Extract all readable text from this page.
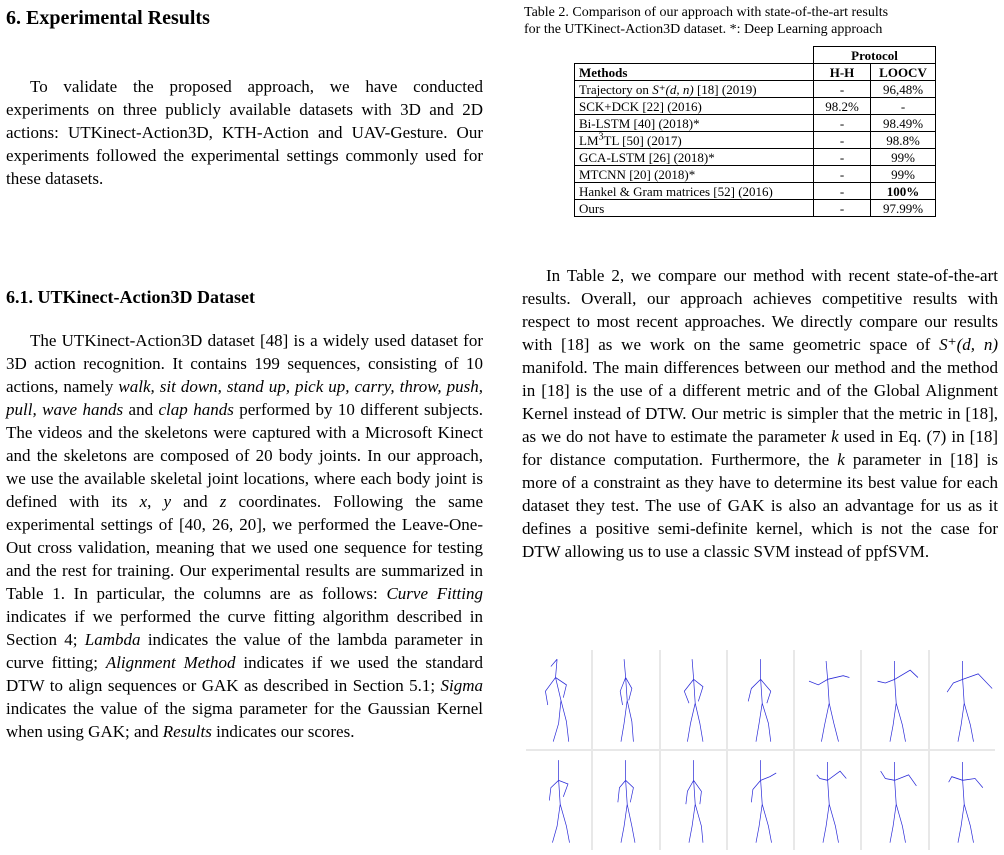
6. Experimental Results

To validate the proposed approach, we have conducted experiments on three publicly available datasets with 3D and 2D actions: UTKinect-Action3D, KTH-Action and UAV-Gesture. Our experiments followed the experimental settings commonly used for these datasets.

6.1. UTKinect-Action3D Dataset

The UTKinect-Action3D dataset [48] is a widely used dataset for 3D action recognition. It contains 199 sequences, consisting of 10 actions, namely walk, sit down, stand up, pick up, carry, throw, push, pull, wave hands and clap hands performed by 10 different subjects. The videos and the skeletons were captured with a Microsoft Kinect and the skeletons are composed of 20 body joints. In our approach, we use the available skeletal joint locations, where each body joint is defined with its x, y and z coordinates. Following the same experimental settings of [40, 26, 20], we performed the Leave-One-Out cross validation, meaning that we used one sequence for testing and the rest for training. Our experimental results are summarized in Table 1. In particular, the columns are as follows: Curve Fitting indicates if we performed the curve fitting algorithm described in Section 4; Lambda indicates the value of the lambda parameter in curve fitting; Alignment Method indicates if we used the standard DTW to align sequences or GAK as described in Section 5.1; Sigma indicates the value of the sigma parameter for the Gaussian Kernel when using GAK; and Results indicates our scores.

Table 2. Comparison of our approach with state-of-the-art results
for the UTKinect-Action3D dataset. *: Deep Learning approach
	Protocol	
Methods	H-H	LOOCV
Trajectory on S⁺(d, n) [18] (2019)	-	96,48%
SCK+DCK [22] (2016)	98.2%	-
Bi-LSTM [40] (2018)*	-	98.49%
$LM^3TL$ [50] (2017)	-	98.8%
GCA-LSTM [26] (2018)*	-	99%
MTCNN [20] (2018)*	-	99%
Hankel & Gram matrices [52] (2016)	-	100%
Ours	-	97.99%

In Table 2, we compare our method with recent state-of-the-art results. Overall, our approach achieves competitive results with respect to most recent approaches. We directly compare our results with [18] as we work on the same geometric space of S⁺(d, n) manifold. The main differences between our method and the method in [18] is the use of a different metric and of the Global Alignment Kernel instead of DTW. Our metric is simpler that the metric in [18], as we do not have to estimate the parameter k used in Eq. (7) in [18] for distance computation. Furthermore, the k parameter in [18] is more of a constraint as they have to determine its best value for each dataset they test. The use of GAK is also an advantage for us as it defines a positive semi-definite kernel, which is not the case for DTW allowing us to use a classic SVM instead of ppfSVM.
